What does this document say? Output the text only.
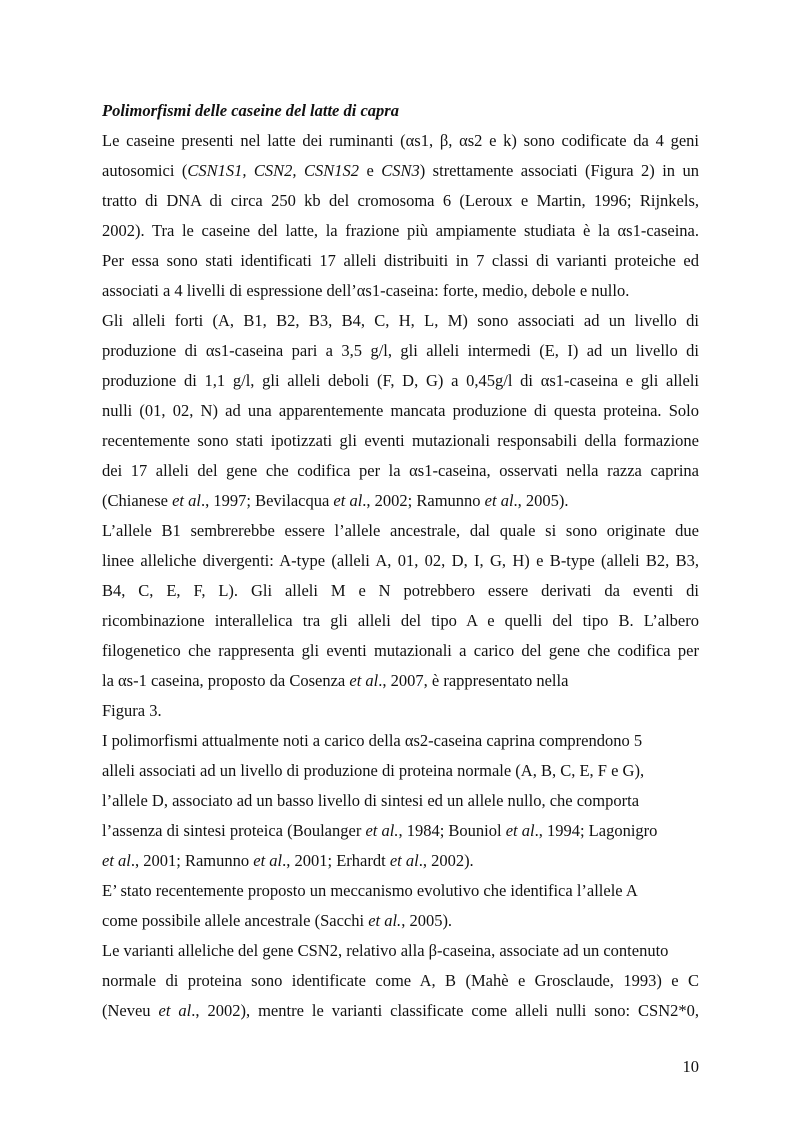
Polimorfismi delle caseine del latte di capra
Le caseine presenti nel latte dei ruminanti (αs1, β, αs2 e k) sono codificate da 4 geni
autosomici (CSN1S1, CSN2, CSN1S2 e CSN3) strettamente associati (Figura 2) in un
tratto di DNA di circa 250 kb del cromosoma 6 (Leroux e Martin, 1996; Rijnkels,
2002). Tra le caseine del latte, la frazione più ampiamente studiata è la αs1-caseina.
Per essa sono stati identificati 17 alleli distribuiti in 7 classi di varianti proteiche ed
associati a 4 livelli di espressione dell’αs1-caseina: forte, medio, debole e nullo.
Gli alleli forti (A, B1, B2, B3, B4, C, H, L, M) sono associati ad un livello di
produzione di αs1-caseina pari a 3,5 g/l, gli alleli intermedi (E, I) ad un livello di
produzione di 1,1 g/l, gli alleli deboli (F, D, G) a 0,45g/l di αs1-caseina e gli alleli
nulli (01, 02, N) ad una apparentemente mancata produzione di questa proteina. Solo
recentemente sono stati ipotizzati gli eventi mutazionali responsabili della formazione
dei 17 alleli del gene che codifica per la αs1-caseina, osservati nella razza caprina
(Chianese et al., 1997; Bevilacqua et al., 2002; Ramunno et al., 2005).
L’allele B1 sembrerebbe essere l’allele ancestrale, dal quale si sono originate due
linee alleliche divergenti: A-type (alleli A, 01, 02, D, I, G, H) e B-type (alleli B2, B3,
B4, C, E, F, L). Gli alleli M e N potrebbero essere derivati da eventi di
ricombinazione interallelica tra gli alleli del tipo A e quelli del tipo B. L’albero
filogenetico che rappresenta gli eventi mutazionali a carico del gene che codifica per
la αs-1 caseina, proposto da Cosenza et al., 2007, è rappresentato nella
Figura 3.
I polimorfismi attualmente noti a carico della αs2-caseina caprina comprendono 5
alleli associati ad un livello di produzione di proteina normale (A, B, C, E, F e G),
l’allele D, associato ad un basso livello di sintesi ed un allele nullo, che comporta
l’assenza di sintesi proteica (Boulanger et al., 1984; Bouniol et al., 1994; Lagonigro
et al., 2001; Ramunno et al., 2001; Erhardt et al., 2002).
E’ stato recentemente proposto un meccanismo evolutivo che identifica l’allele A
come possibile allele ancestrale (Sacchi et al., 2005).
Le varianti alleliche del gene CSN2, relativo alla β-caseina, associate ad un contenuto
normale di proteina sono identificate come A, B (Mahè e Grosclaude, 1993) e C
(Neveu et al., 2002), mentre le varianti classificate come alleli nulli sono: CSN2*0,
10
